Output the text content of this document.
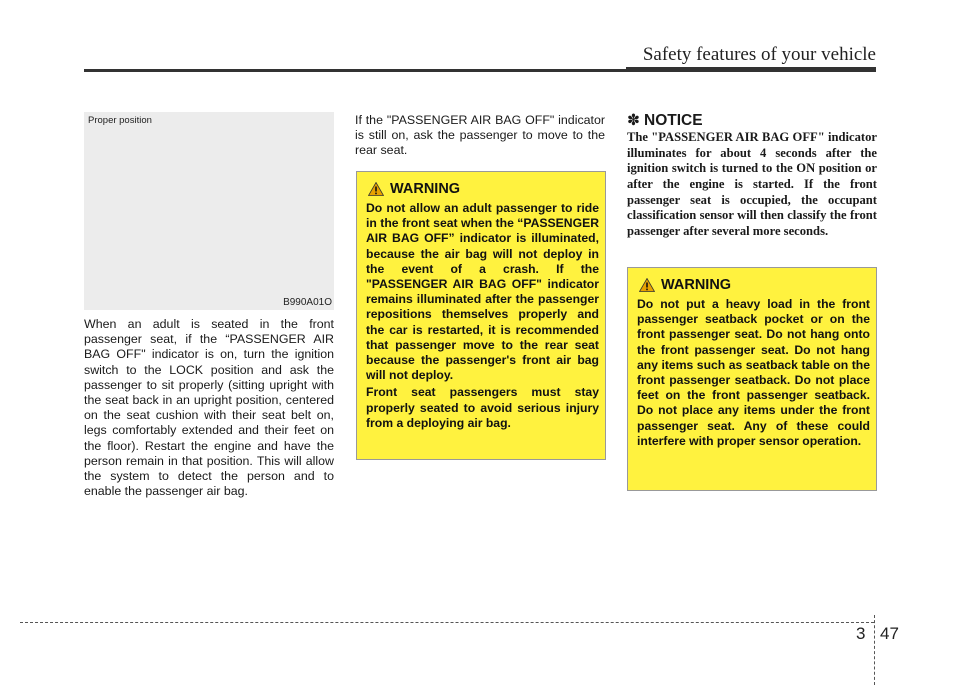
Safety features of your vehicle
Proper position
B990A01O
When an adult is seated in the front passenger seat, if the “PASSENGER AIR BAG OFF" indicator is on, turn the ignition switch to the LOCK position and ask the passenger to sit properly (sitting upright with the seat back in an upright position, centered on the seat cushion with their seat belt on, legs comfortably extended and their feet on the floor). Restart the engine and have the person remain in that position. This will allow the system to detect the person and to enable the passenger air bag.
If the "PASSENGER AIR BAG OFF" indicator is still on, ask the passenger to move to the rear seat.
WARNING

Do not allow an adult passenger to ride in the front seat when the “PASSENGER AIR BAG OFF” indicator is illuminated, because the air bag will not deploy in the event of a crash. If the "PASSENGER AIR BAG OFF" indicator remains illuminated after the passenger repositions themselves properly and the car is restarted, it is recommended that passenger move to the rear seat because the passenger's front air bag will not deploy.

Front seat passengers must stay properly seated to avoid serious injury from a deploying air bag.

✽ NOTICE
The "PASSENGER AIR BAG OFF" indicator illuminates for about 4 seconds after the ignition switch is turned to the ON position or after the engine is started. If the front passenger seat is occupied, the occupant classification sensor will then classify the front passenger after several more seconds.
WARNING

Do not put a heavy load in the front passenger seatback pocket or on the front passenger seat. Do not hang onto the front passenger seat. Do not hang any items such as seatback table on the front passenger seatback. Do not place feet on the front passenger seatback. Do not place any items under the front passenger seat. Any of these could interfere with proper sensor operation.

3 47
